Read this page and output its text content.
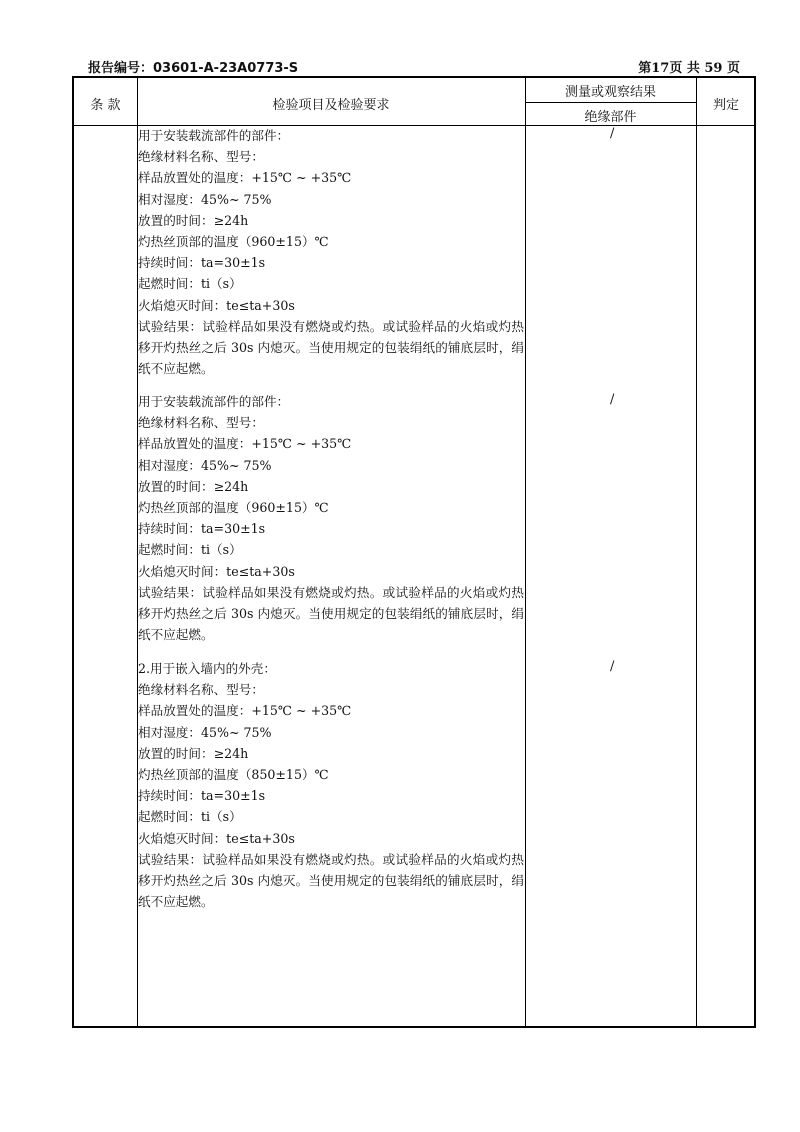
报告编号：03601-A-23A0773-S	第17页 共 59 页
条 款	检验项目及检验要求
测量或观察结果
绝缘部件
判定

用于安装载流部件的部件：

绝缘材料名称、型号：

样品放置处的温度：+15℃ ~ +35℃

相对湿度：45%~ 75%

放置的时间：≥24h

灼热丝顶部的温度（960±15）℃

持续时间：ta=30±1s

起燃时间：ti（s）

火焰熄灭时间：te≤ta+30s

试验结果：试验样品如果没有燃烧或灼热。或试验样品的火焰或灼热移开灼热丝之后 30s 内熄灭。当使用规定的包装绢纸的铺底层时，绢纸不应起燃。

/

用于安装载流部件的部件：

绝缘材料名称、型号：

样品放置处的温度：+15℃ ~ +35℃

相对湿度：45%~ 75%

放置的时间：≥24h

灼热丝顶部的温度（960±15）℃

持续时间：ta=30±1s

起燃时间：ti（s）

火焰熄灭时间：te≤ta+30s

试验结果：试验样品如果没有燃烧或灼热。或试验样品的火焰或灼热移开灼热丝之后 30s 内熄灭。当使用规定的包装绢纸的铺底层时，绢纸不应起燃。

/

2.用于嵌入墙内的外壳：

绝缘材料名称、型号：

样品放置处的温度：+15℃ ~ +35℃

相对湿度：45%~ 75%

放置的时间：≥24h

灼热丝顶部的温度（850±15）℃

持续时间：ta=30±1s

起燃时间：ti（s）

火焰熄灭时间：te≤ta+30s

试验结果：试验样品如果没有燃烧或灼热。或试验样品的火焰或灼热移开灼热丝之后 30s 内熄灭。当使用规定的包装绢纸的铺底层时，绢纸不应起燃。

/
